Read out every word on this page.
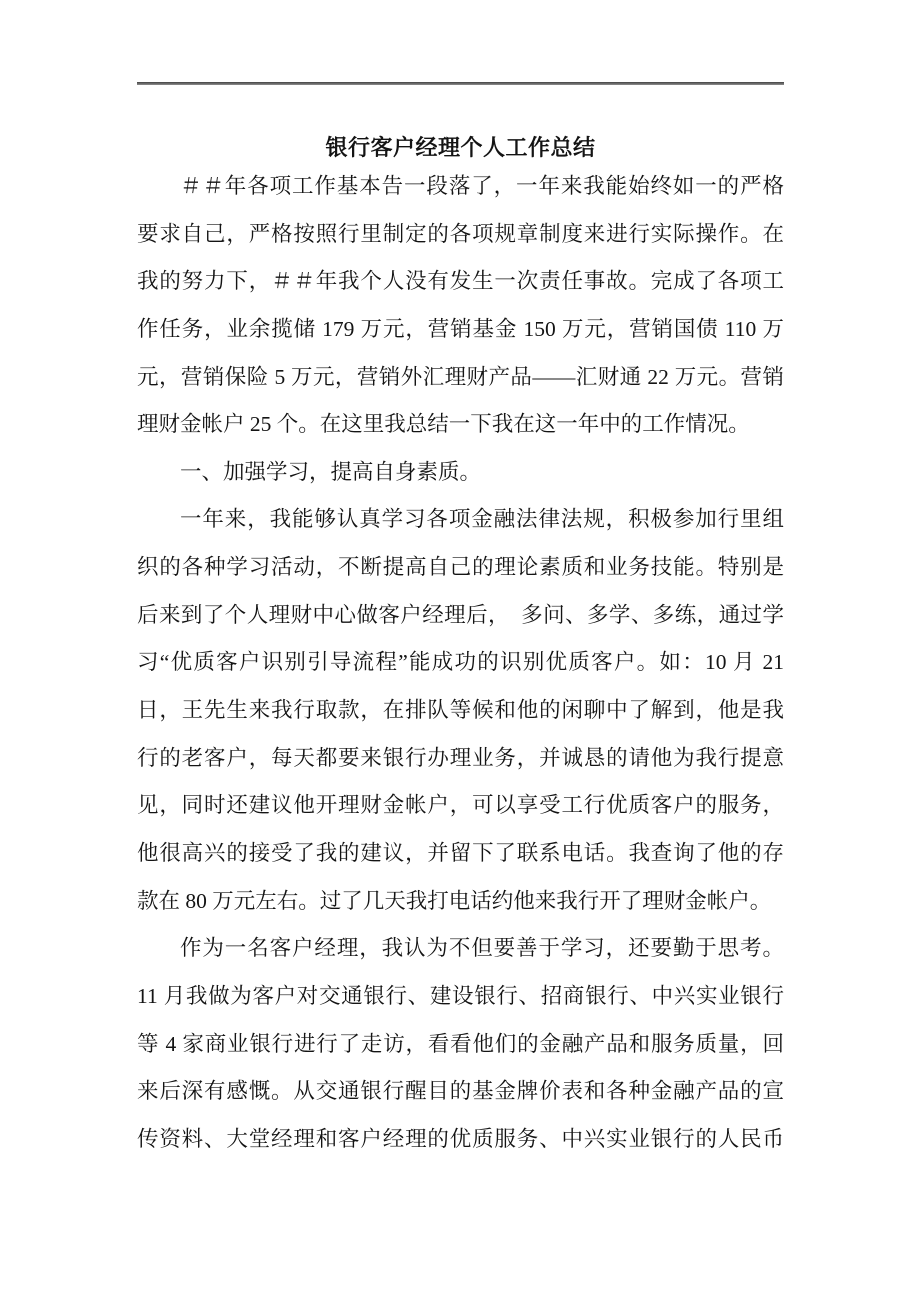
银行客户经理个人工作总结
＃＃年各项工作基本告一段落了，一年来我能始终如一的严格
要求自己，严格按照行里制定的各项规章制度来进行实际操作。在
我的努力下，＃＃年我个人没有发生一次责任事故。完成了各项工
作任务，业余揽储 179 万元，营销基金 150 万元，营销国债 110 万
元，营销保险 5 万元，营销外汇理财产品——汇财通 22 万元。营销
理财金帐户 25 个。在这里我总结一下我在这一年中的工作情况。
一、加强学习，提高自身素质。
一年来，我能够认真学习各项金融法律法规，积极参加行里组
织的各种学习活动，不断提高自己的理论素质和业务技能。特别是
后来到了个人理财中心做客户经理后，　多问、多学、多练，通过学
习“优质客户识别引导流程”能成功的识别优质客户。如：10 月 21
日，王先生来我行取款，在排队等候和他的闲聊中了解到，他是我
行的老客户，每天都要来银行办理业务，并诚恳的请他为我行提意
见，同时还建议他开理财金帐户，可以享受工行优质客户的服务，
他很高兴的接受了我的建议，并留下了联系电话。我查询了他的存
款在 80 万元左右。过了几天我打电话约他来我行开了理财金帐户。
作为一名客户经理，我认为不但要善于学习，还要勤于思考。
11 月我做为客户对交通银行、建设银行、招商银行、中兴实业银行
等 4 家商业银行进行了走访，看看他们的金融产品和服务质量，回
来后深有感慨。从交通银行醒目的基金牌价表和各种金融产品的宣
传资料、大堂经理和客户经理的优质服务、中兴实业银行的人民币
